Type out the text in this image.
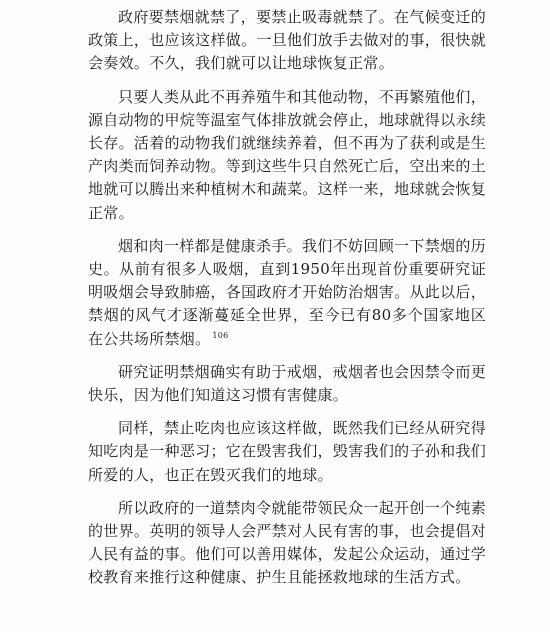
政府要禁烟就禁了，要禁止吸毒就禁了。在气候变迁的政策上，也应该这样做。一旦他们放手去做对的事，很快就会奏效。不久，我们就可以让地球恢复正常。

只要人类从此不再养殖牛和其他动物，不再繁殖他们，源自动物的甲烷等温室气体排放就会停止，地球就得以永续长存。活着的动物我们就继续养着，但不再为了获利或是生产肉类而饲养动物。等到这些牛只自然死亡后，空出来的土地就可以腾出来种植树木和蔬菜。这样一来，地球就会恢复正常。

烟和肉一样都是健康杀手。我们不妨回顾一下禁烟的历史。从前有很多人吸烟，直到1950年出现首份重要研究证明吸烟会导致肺癌，各国政府才开始防治烟害。从此以后，禁烟的风气才逐渐蔓延全世界，至今已有80多个国家地区在公共场所禁烟。 $^{106}$

研究证明禁烟确实有助于戒烟，戒烟者也会因禁令而更快乐，因为他们知道这习惯有害健康。

同样，禁止吃肉也应该这样做，既然我们已经从研究得知吃肉是一种恶习；它在毁害我们，毁害我们的子孙和我们所爱的人，也正在毁灭我们的地球。

所以政府的一道禁肉令就能带领民众一起开创一个纯素的世界。英明的领导人会严禁对人民有害的事，也会提倡对人民有益的事。他们可以善用媒体，发起公众运动，通过学校教育来推行这种健康、护生且能拯救地球的生活方式。
